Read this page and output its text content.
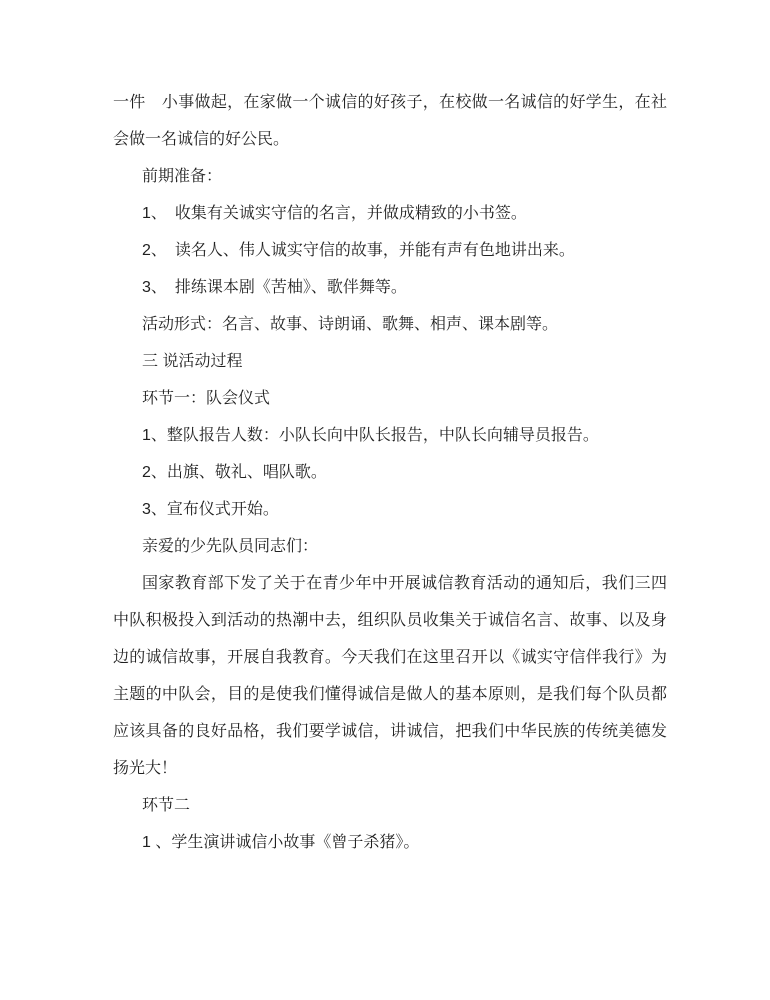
一件　小事做起，在家做一个诚信的好孩子，在校做一名诚信的好学生，在社会做一名诚信的好公民。

前期准备：

1、　收集有关诚实守信的名言，并做成精致的小书签。

2、　读名人、伟人诚实守信的故事，并能有声有色地讲出来。

3、　排练课本剧《苦柚》、歌伴舞等。

活动形式：名言、故事、诗朗诵、歌舞、相声、课本剧等。

三 说活动过程

环节一：队会仪式

1、整队报告人数：小队长向中队长报告，中队长向辅导员报告。

2、出旗、敬礼、唱队歌。

3、宣布仪式开始。

亲爱的少先队员同志们：

国家教育部下发了关于在青少年中开展诚信教育活动的通知后，我们三四中队积极投入到活动的热潮中去，组织队员收集关于诚信名言、故事、以及身边的诚信故事，开展自我教育。今天我们在这里召开以《诚实守信伴我行》为主题的中队会，目的是使我们懂得诚信是做人的基本原则，是我们每个队员都应该具备的良好品格，我们要学诚信，讲诚信，把我们中华民族的传统美德发扬光大！

环节二

1 、学生演讲诚信小故事《曾子杀猪》。
